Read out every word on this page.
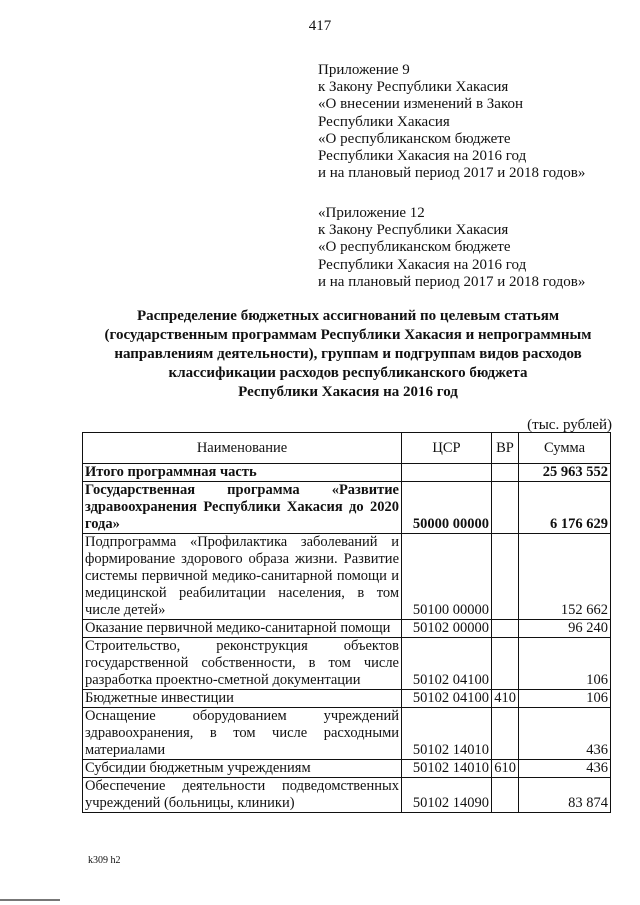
417
Приложение 9
к Закону Республики Хакасия
«О внесении изменений в Закон
Республики Хакасия
«О республиканском бюджете
Республики Хакасия на 2016 год
и на плановый период 2017 и 2018 годов»
«Приложение 12
к Закону Республики Хакасия
«О республиканском бюджете
Республики Хакасия на 2016 год
и на плановый период 2017 и 2018 годов»
Распределение бюджетных ассигнований по целевым статьям
(государственным программам Республики Хакасия и непрограммным
направлениям деятельности), группам и подгруппам видов расходов
классификации расходов республиканского бюджета
Республики Хакасия на 2016 год
(тыс. рублей)
Наименование	ЦСР	ВР	Сумма
Итого программная часть			25 963 552
Государственная программа «Развитие здравоохранения Республики Хакасия до 2020 года»	50000 00000		6 176 629
Подпрограмма «Профилактика заболеваний и формирование здорового образа жизни. Развитие системы первичной медико-санитарной помощи и медицинской реабилитации населения, в том числе детей»	50100 00000		152 662
Оказание первичной медико-санитарной помощи	50102 00000		96 240
Строительство, реконструкция объектов государственной собственности, в том числе разработка проектно-сметной документации	50102 04100		106
Бюджетные инвестиции	50102 04100	410	106
Оснащение оборудованием учреждений здравоохранения, в том числе расходными материалами	50102 14010		436
Субсидии бюджетным учреждениям	50102 14010	610	436
Обеспечение деятельности подведомственных учреждений (больницы, клиники)	50102 14090		83 874
k309 h2
